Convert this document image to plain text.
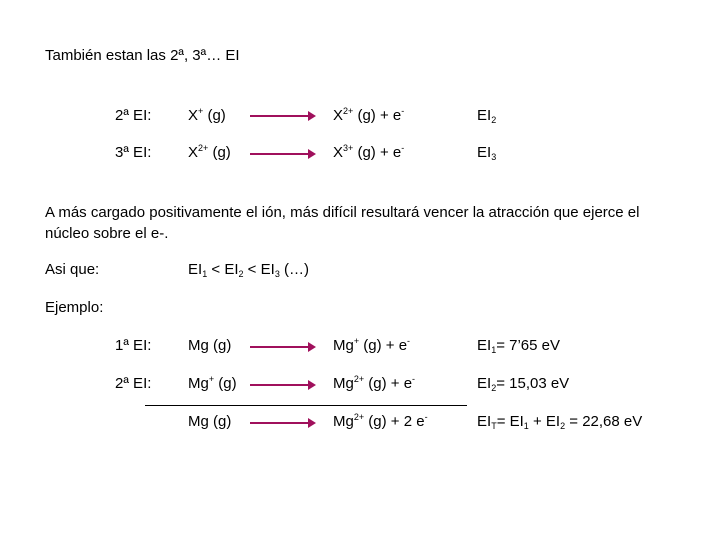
También estan las 2ª, 3ª… EI
2ª EI: X+ (g)	$X^{2+}$ (g) + e-	$EI_2$
3ª EI: $X^{2+}$ (g)	$X^{3+}$ (g) + e-	$EI_3$
A más cargado positivamente el ión, más difícil resultará vencer la atracción que ejerce el núcleo sobre el e-.
Asi que:	$EI_1 < EI_2 < EI_3$ (…)
Ejemplo:
1ª EI: Mg (g)	Mg+ (g) + e-	$EI_1=$ 7’65 eV
2ª EI: Mg+ (g)	$Mg^{2+}$ (g) + e-	$EI_2= 15,03$ eV
Mg (g)	$Mg^{2+}$ (g) + 2 e-	$EI_T= EI_1 + EI_2 = 22,68$ eV
